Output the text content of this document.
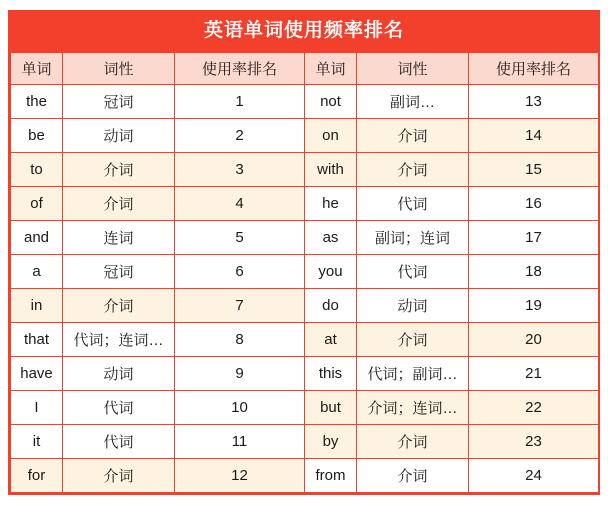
英语单词使用频率排名
单词	词性	使用率排名	单词	词性	使用率排名
the	冠词	1	not	副词…	13
be	动词	2	on	介词	14
to	介词	3	with	介词	15
of	介词	4	he	代词	16
and	连词	5	as	副词；连词	17
a	冠词	6	you	代词	18
in	介词	7	do	动词	19
that	代词；连词…	8	at	介词	20
have	动词	9	this	代词；副词…	21
I	代词	10	but	介词；连词…	22
it	代词	11	by	介词	23
for	介词	12	from	介词	24
